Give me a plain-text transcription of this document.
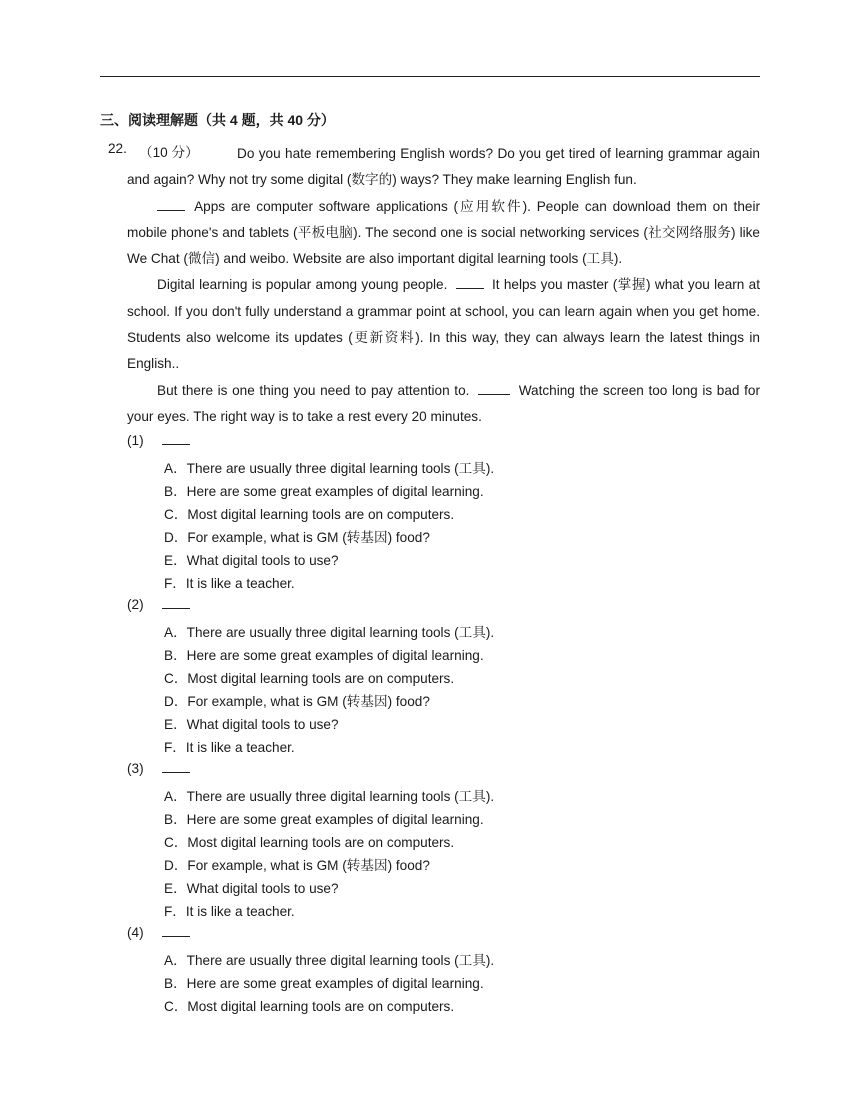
三、阅读理解题（共 4 题，共 40 分）
22. （10 分）	Do you hate remembering English words? Do you get tired of learning grammar again and again? Why not try some digital (数字的) ways? They make learning English fun.

Apps are computer software applications (应用软件). People can download them on their mobile phone's and tablets (平板电脑). The second one is social networking services (社交网络服务) like We Chat (微信) and weibo. Website are also important digital learning tools (工具).

Digital learning is popular among young people.	It helps you master (掌握) what you learn at school. If you don't fully understand a grammar point at school, you can learn again when you get home. Students also welcome its updates (更新资料). In this way, they can always learn the latest things in English..

But there is one thing you need to pay attention to.	Watching the screen too long is bad for your eyes. The right way is to take a rest every 20 minutes.

(1)
A．There are usually three digital learning tools (工具).
B．Here are some great examples of digital learning.
C．Most digital learning tools are on computers.
D．For example, what is GM (转基因) food?
E．What digital tools to use?
F．It is like a teacher.
(2)
A．There are usually three digital learning tools (工具).
B．Here are some great examples of digital learning.
C．Most digital learning tools are on computers.
D．For example, what is GM (转基因) food?
E．What digital tools to use?
F．It is like a teacher.
(3)
A．There are usually three digital learning tools (工具).
B．Here are some great examples of digital learning.
C．Most digital learning tools are on computers.
D．For example, what is GM (转基因) food?
E．What digital tools to use?
F．It is like a teacher.
(4)
A．There are usually three digital learning tools (工具).
B．Here are some great examples of digital learning.
C．Most digital learning tools are on computers.
